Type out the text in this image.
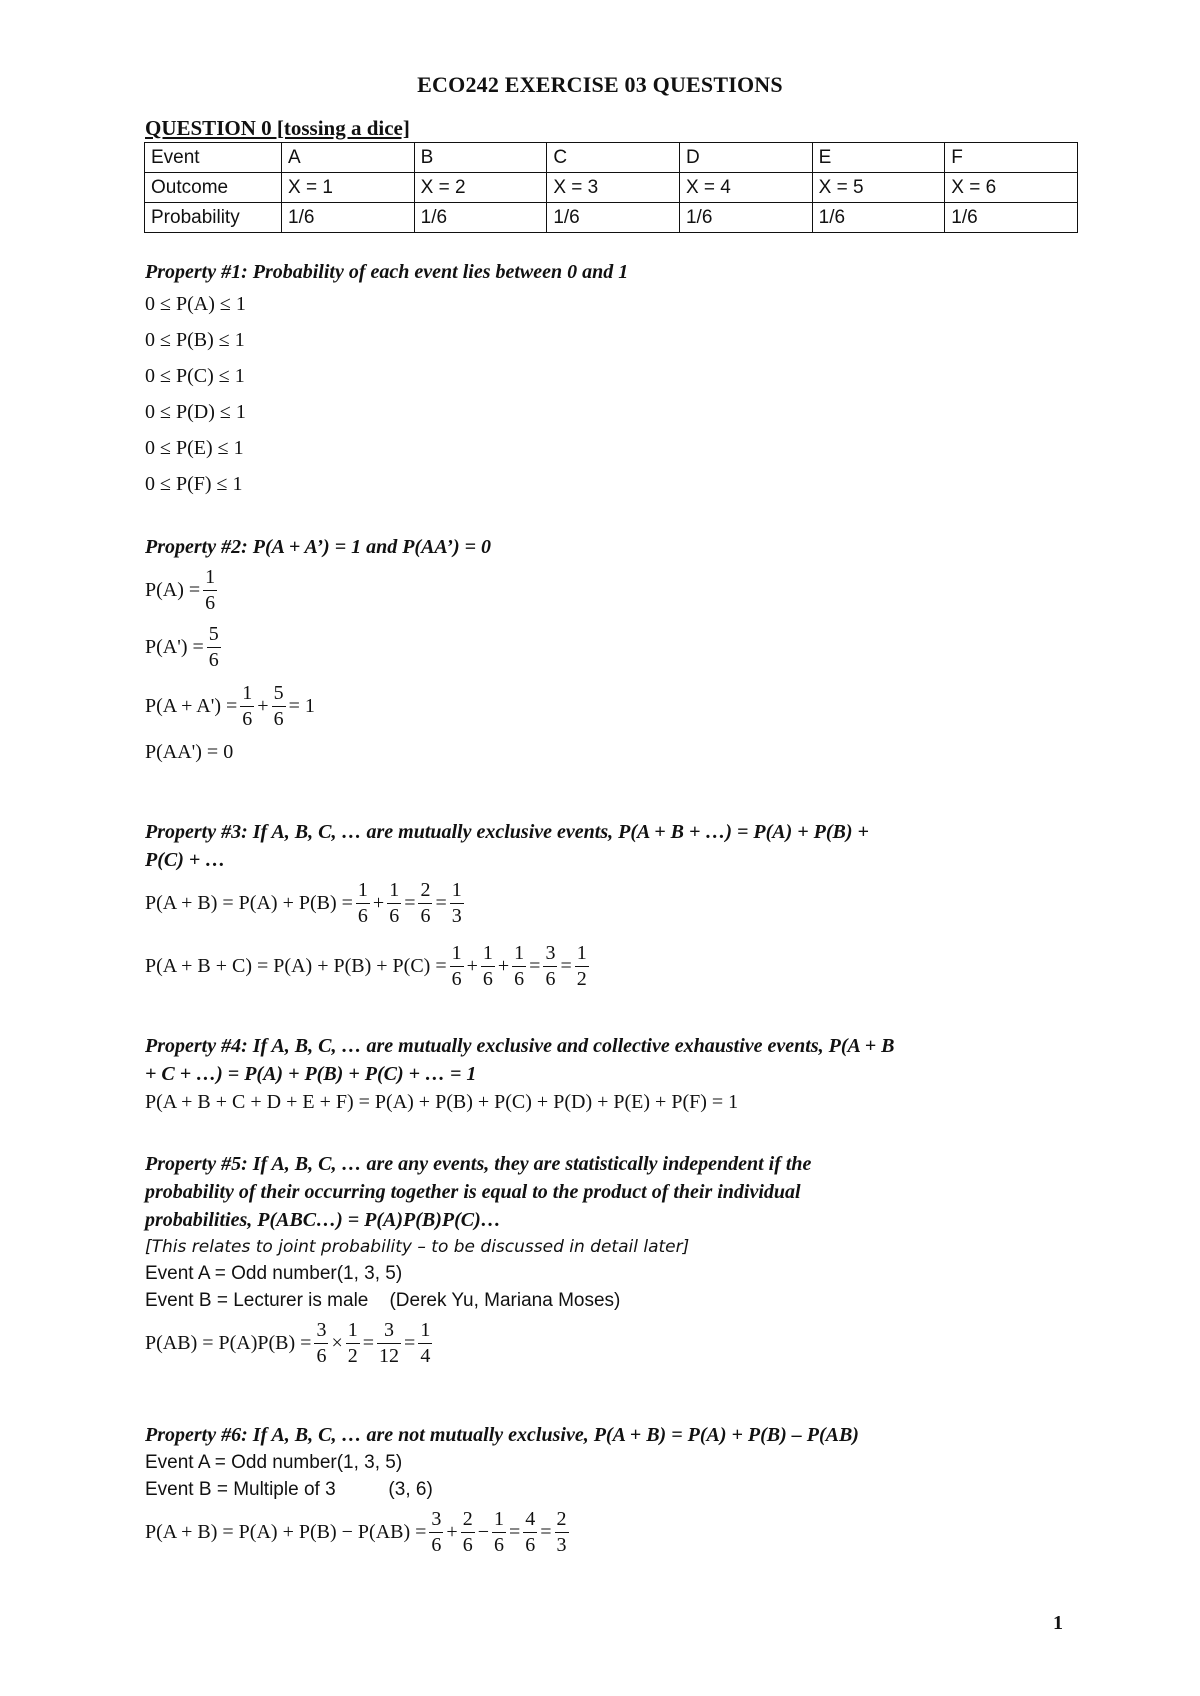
ECO242 EXERCISE 03 QUESTIONS
QUESTION 0 [tossing a dice]
Event	A	B	C	D	E	F
Outcome	X = 1	X = 2	X = 3	X = 4	X = 5	X = 6
Probability	1/6	1/6	1/6	1/6	1/6	1/6
Property #1: Probability of each event lies between 0 and 1
0 ≤ P(A) ≤ 1
0 ≤ P(B) ≤ 1
0 ≤ P(C) ≤ 1
0 ≤ P(D) ≤ 1
0 ≤ P(E) ≤ 1
0 ≤ P(F) ≤ 1
Property #2: P(A + A’) = 1 and P(AA’) = 0
$P(A) = \frac{1}{6}$
$P(A') = \frac{5}{6}$
$P(A + A') = \frac{1}{6} + \frac{5}{6} = 1$
P(AA') = 0
Property #3: If A, B, C, … are mutually exclusive events, P(A + B + …) = P(A) + P(B) +
P(C) + …
$P(A + B) = P(A) + P(B) = \frac{1}{6} + \frac{1}{6} = \frac{2}{6} = \frac{1}{3}$
$P(A + B + C) = P(A) + P(B) + P(C) = \frac{1}{6} + \frac{1}{6} + \frac{1}{6} = \frac{3}{6} = \frac{1}{2}$
Property #4: If A, B, C, … are mutually exclusive and collective exhaustive events, P(A + B
+ C + …) = P(A) + P(B) + P(C) + … = 1
P(A + B + C + D + E + F) = P(A) + P(B) + P(C) + P(D) + P(E) + P(F) = 1
Property #5: If A, B, C, … are any events, they are statistically independent if the
probability of their occurring together is equal to the product of their individual
probabilities, P(ABC…) = P(A)P(B)P(C)…
[This relates to joint probability – to be discussed in detail later]
Event A = Odd number(1, 3, 5)
Event B = Lecturer is male    (Derek Yu, Mariana Moses)
$P(AB) = P(A)P(B) = \frac{3}{6} \times \frac{1}{2} = \frac{3}{12} = \frac{1}{4}$
Property #6: If A, B, C, … are not mutually exclusive, P(A + B) = P(A) + P(B) – P(AB)
Event A = Odd number(1, 3, 5)
Event B = Multiple of 3          (3, 6)
$P(A + B) = P(A) + P(B) - P(AB) = \frac{3}{6} + \frac{2}{6} - \frac{1}{6} = \frac{4}{6} = \frac{2}{3}$
1
